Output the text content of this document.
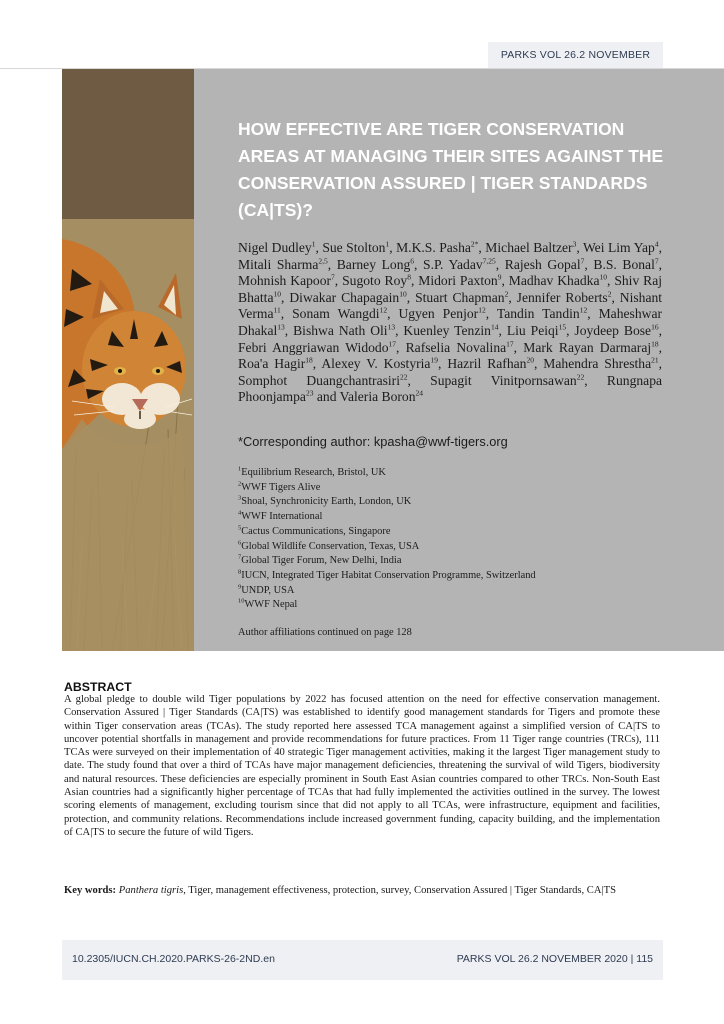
PARKS VOL 26.2 NOVEMBER
HOW EFFECTIVE ARE TIGER CONSERVATION AREAS AT MANAGING THEIR SITES AGAINST THE CONSERVATION ASSURED | TIGER STANDARDS (CA|TS)?

Nigel Dudley$^1$, Sue Stolton$^1$, M.K.S. Pasha$^{2*}$, Michael Baltzer$^3$, Wei Lim Yap$^4$, Mitali Sharma$^{2,5}$, Barney Long$^6$, S.P. Yadav$^{7,25}$, Rajesh Gopal$^7$, B.S. Bonal$^7$, Mohnish Kapoor$^7$, Sugoto Roy$^8$, Midori Paxton$^9$, Madhav Khadka$^{10}$, Shiv Raj Bhatta$^{10}$, Diwakar Chapagain$^{10}$, Stuart Chapman$^2$, Jennifer Roberts$^2$, Nishant Verma$^{11}$, Sonam Wangdi$^{12}$, Ugyen Penjor$^{12}$, Tandin Tandin$^{12}$, Maheshwar Dhakal$^{13}$, Bishwa Nath Oli$^{13}$, Kuenley Tenzin$^{14}$, Liu Peiqi$^{15}$, Joydeep Bose$^{16}$, Febri Anggriawan Widodo$^{17}$, Rafselia Novalina$^{17}$, Mark Rayan Darmaraj$^{18}$, Roa'a Hagir$^{18}$, Alexey V. Kostyria$^{19}$, Hazril Rafhan$^{20}$, Mahendra Shrestha$^{21}$, Somphot Duangchantrasiri$^{22}$, Supagit Vinitpornsawan$^{22}$, Rungnapa Phoonjampa$^{23}$ and Valeria Boron$^{24}$

*Corresponding author: kpasha@wwf-tigers.org

$^1$Equilibrium Research, Bristol, UK
$^2$WWF Tigers Alive
$^3$Shoal, Synchronicity Earth, London, UK
$^4$WWF International
$^5$Cactus Communications, Singapore
$^6$Global Wildlife Conservation, Texas, USA
$^7$Global Tiger Forum, New Delhi, India
$^8$IUCN, Integrated Tiger Habitat Conservation Programme, Switzerland
$^9$UNDP, USA
$^{10}$WWF Nepal

Author affiliations continued on page 128

ABSTRACT

A global pledge to double wild Tiger populations by 2022 has focused attention on the need for effective conservation management. Conservation Assured | Tiger Standards (CA|TS) was established to identify good management standards for Tigers and promote these within Tiger conservation areas (TCAs). The study reported here assessed TCA management against a simplified version of CA|TS to uncover potential shortfalls in management and provide recommendations for future practices. From 11 Tiger range countries (TRCs), 111 TCAs were surveyed on their implementation of 40 strategic Tiger management activities, making it the largest Tiger management study to date. The study found that over a third of TCAs have major management deficiencies, threatening the survival of wild Tigers, biodiversity and natural resources. These deficiencies are especially prominent in South East Asian countries compared to other TRCs. Non-South East Asian countries had a significantly higher percentage of TCAs that had fully implemented the activities outlined in the survey. The lowest scoring elements of management, excluding tourism since that did not apply to all TCAs, were infrastructure, equipment and facilities, protection, and community relations. Recommendations include increased government funding, capacity building, and the implementation of CA|TS to secure the future of wild Tigers.

Key words: Panthera tigris, Tiger, management effectiveness, protection, survey, Conservation Assured | Tiger Standards, CA|TS

10.2305/IUCN.CH.2020.PARKS-26-2ND.en	PARKS VOL 26.2 NOVEMBER 2020 | 115
